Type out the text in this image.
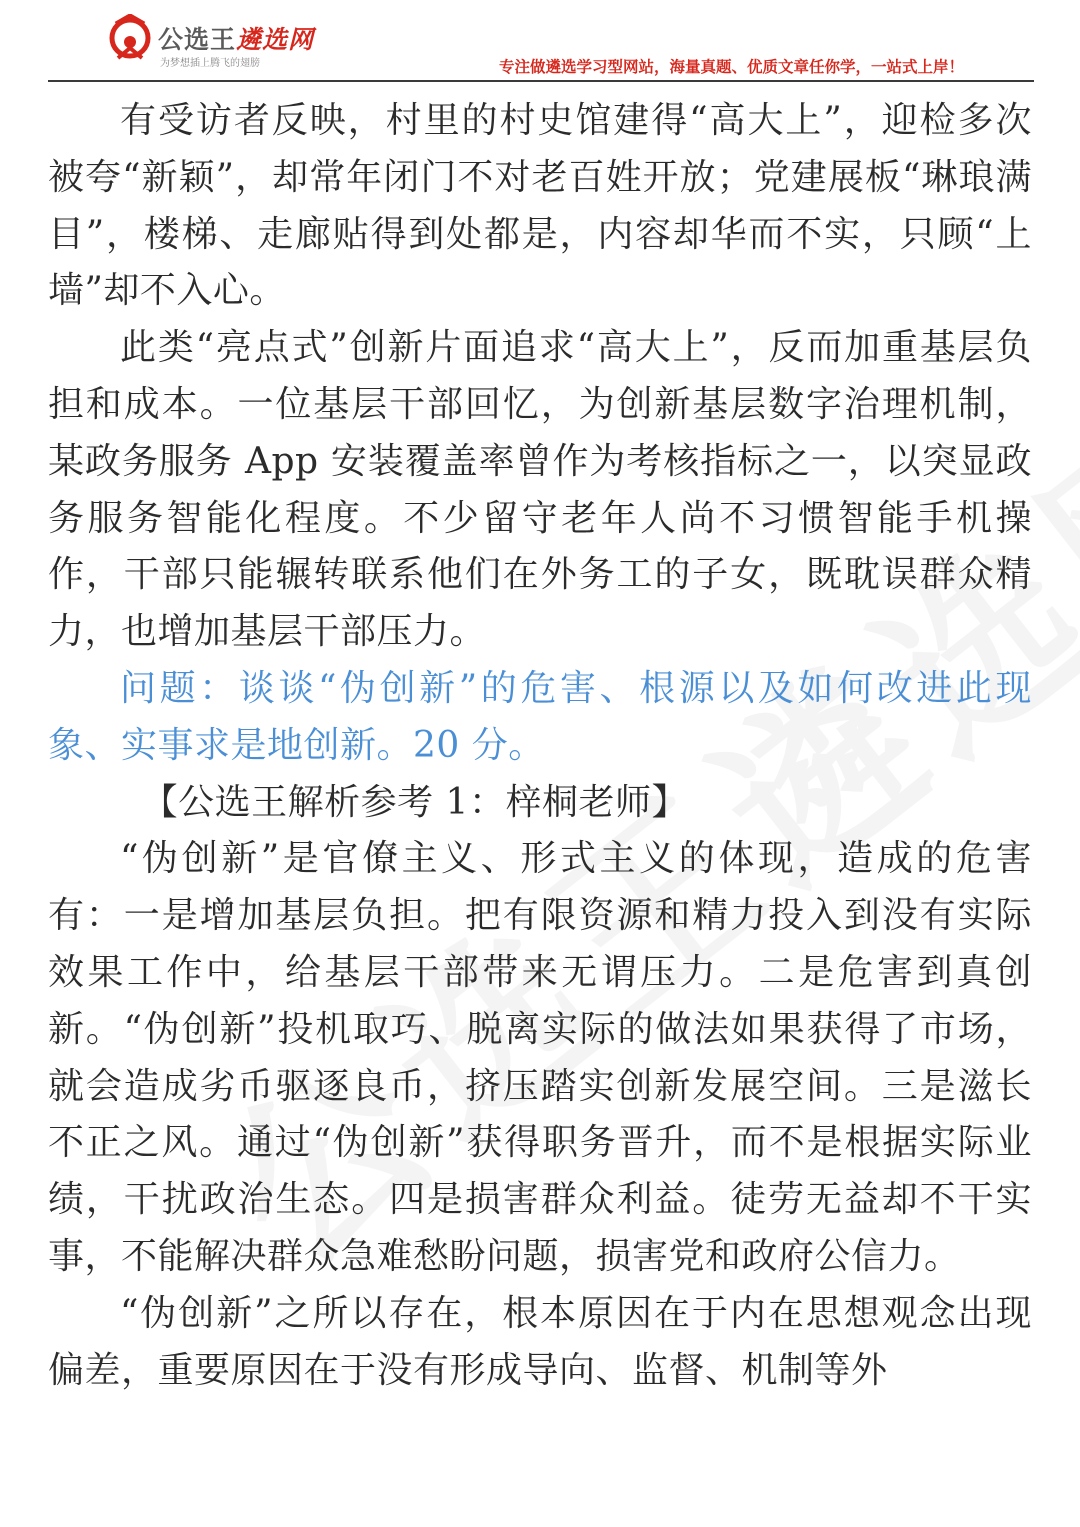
公选王遴选网
为梦想插上腾飞的翅膀	专注做遴选学习型网站，海量真题、优质文章任你学，一站式上岸！

有受访者反映，村里的村史馆建得“高大上”，迎检多次被夸“新颖”，却常年闭门不对老百姓开放；党建展板“琳琅满目”，楼梯、走廊贴得到处都是，内容却华而不实，只顾“上墙”却不入心。

此类“亮点式”创新片面追求“高大上”，反而加重基层负担和成本。一位基层干部回忆，为创新基层数字治理机制，某政务服务 App 安装覆盖率曾作为考核指标之一，以突显政务服务智能化程度。不少留守老年人尚不习惯智能手机操作，干部只能辗转联系他们在外务工的子女，既耽误群众精力，也增加基层干部压力。

问题：谈谈“伪创新”的危害、根源以及如何改进此现象、实事求是地创新。20 分。

【公选王解析参考 1：梓桐老师】

“伪创新”是官僚主义、形式主义的体现，造成的危害有：一是增加基层负担。把有限资源和精力投入到没有实际效果工作中，给基层干部带来无谓压力。二是危害到真创新。“伪创新”投机取巧、脱离实际的做法如果获得了市场，就会造成劣币驱逐良币，挤压踏实创新发展空间。三是滋长不正之风。通过“伪创新”获得职务晋升，而不是根据实际业绩，干扰政治生态。四是损害群众利益。徒劳无益却不干实事，不能解决群众急难愁盼问题，损害党和政府公信力。

“伪创新”之所以存在，根本原因在于内在思想观念出现偏差，重要原因在于没有形成导向、监督、机制等外
